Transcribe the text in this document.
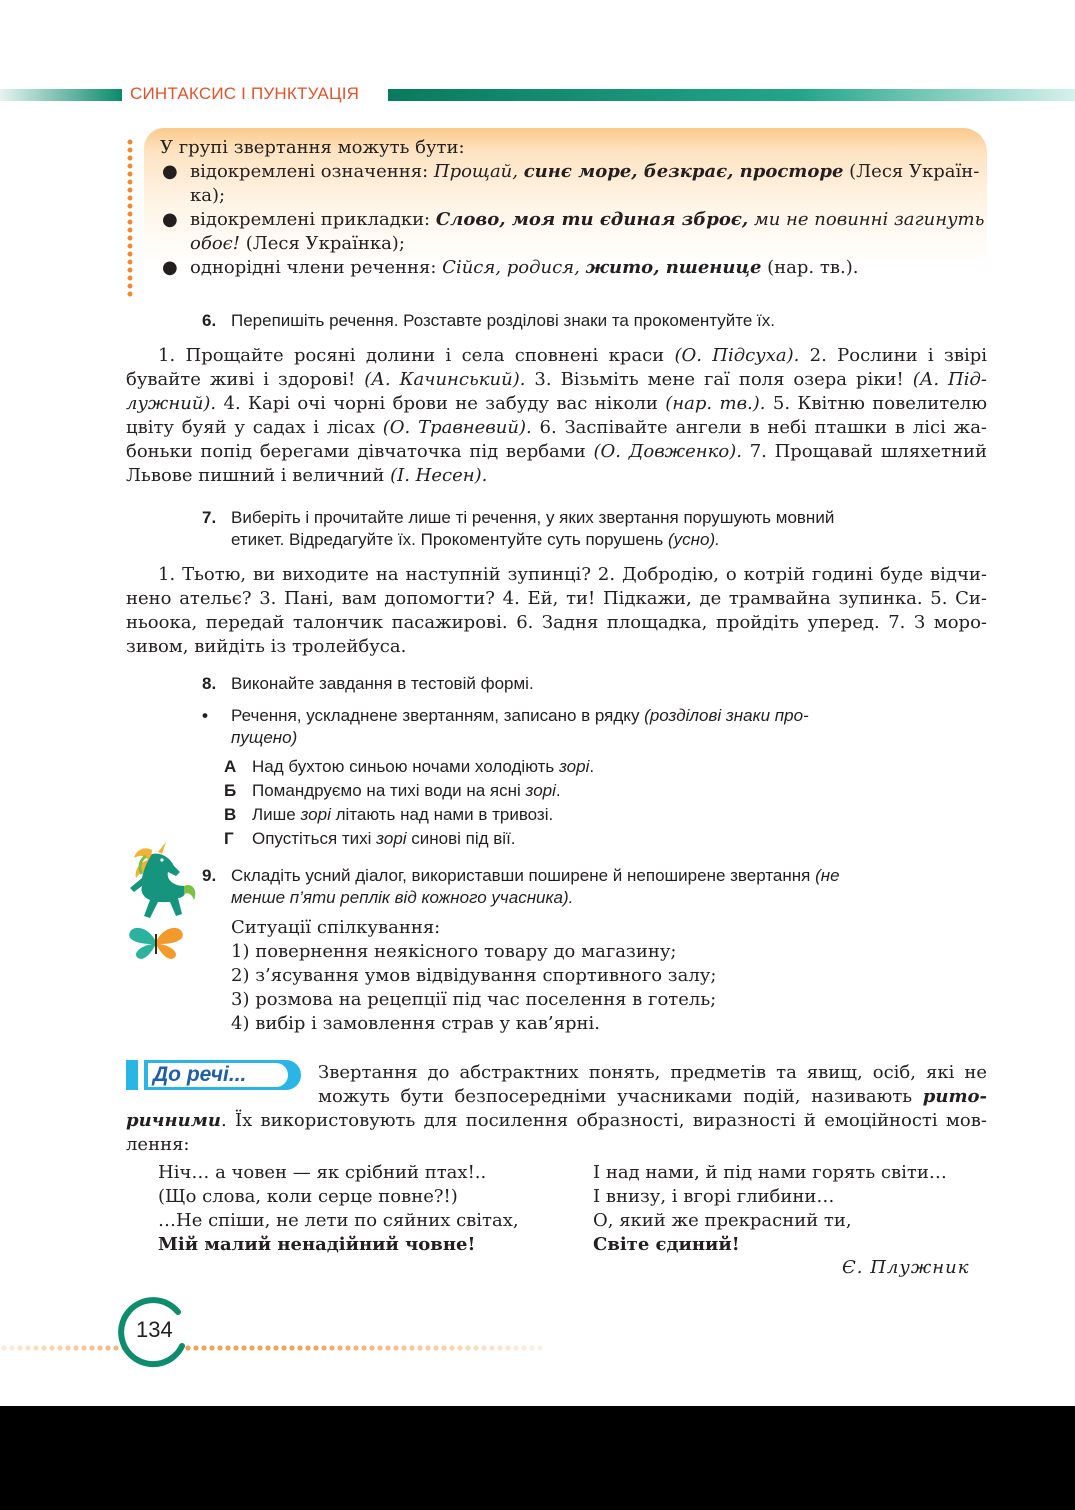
СИНТАКСИС І ПУНКТУАЦІЯ
У групі звертання можуть бути:
● відокремлені означення: Прощай, синє море, безкрає, просторе (Леся Україн-
ка);
● відокремлені прикладки: Слово, моя ти єдиная зброє, ми не повинні загинуть
обоє! (Леся Українка);
● однорідні члени речення: Сійся, родися, жито, пшенице (нар. тв.).
6. Перепишіть речення. Розставте розділові знаки та прокоментуйте їх.
1. Прощайте росяні долини і села сповнені краси (О. Підсуха). 2. Рослини і звірі
бувайте живі і здорові! (А. Качинський). 3. Візьміть мене гаї поля озера ріки! (А. Під-
лужний). 4. Карі очі чорні брови не забуду вас ніколи (нар. тв.). 5. Квітню повелителю
цвіту буяй у садах і лісах (О. Травневий). 6. Заспівайте ангели в небі пташки в лісі жа-
боньки попід берегами дівчаточка під вербами (О. Довженко). 7. Прощавай шляхетний
Львове пишний і величний (І. Несен).
7. Виберіть і прочитайте лише ті речення, у яких звертання порушують мовний
етикет. Відредагуйте їх. Прокоментуйте суть порушень (усно).
1. Тьотю, ви виходите на наступній зупинці? 2. Добродію, о котрій годині буде відчи-
нено ательє? 3. Пані, вам допомогти? 4. Ей, ти! Підкажи, де трамвайна зупинка. 5. Си-
ньоока, передай талончик пасажирові. 6. Задня площадка, пройдіть уперед. 7. З моро-
зивом, вийдіть із тролейбуса.
8. Виконайте завдання в тестовій формі.
•	Речення, ускладнене звертанням, записано в рядку (розділові знаки про-
пущено)
А Над бухтою синьою ночами холодіють зорі.
Б Помандруємо на тихі води на ясні зорі.
В Лише зорі літають над нами в тривозі.
Г Опустіться тихі зорі синові під вії.
9. Складіть усний діалог, використавши поширене й непоширене звертання (не
менше п’яти реплік від кожного учасника).
Ситуації спілкування:
1) повернення неякісного товару до магазину;
2) з’ясування умов відвідування спортивного залу;
3) розмова на рецепції під час поселення в готель;
4) вибір і замовлення страв у кав’ярні.
До речі...	Звертання до абстрактних понять, предметів та явищ, осіб, які не
можуть бути безпосередніми учасниками подій, називають рито-
ричними. Їх використовують для посилення образності, виразності й емоційності мов-
лення:
Ніч… а човен — як срібний птах!..
(Що слова, коли серце повне?!)
…Не спіши, не лети по сяйних світах,
Мій малий ненадійний човне!
І над нами, й під нами горять світи…
І внизу, і вгорі глибини…
О, який же прекрасний ти,
Світе єдиний!
Є. Плужник
134
